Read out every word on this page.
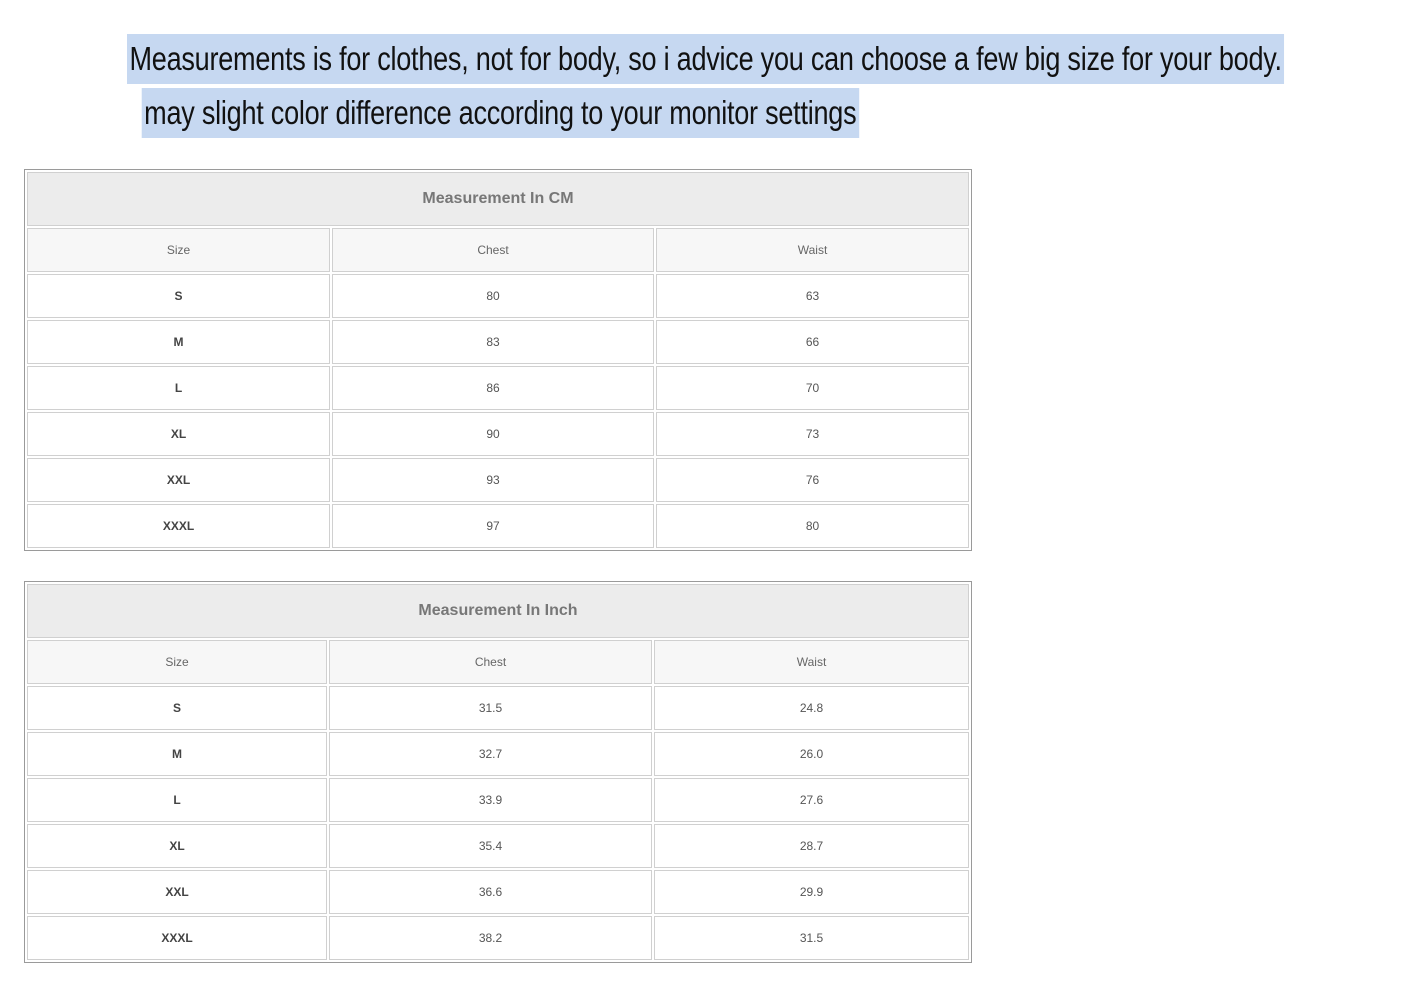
Measurements is for clothes, not for body, so i advice you can choose a few big size for your body.
may slight color difference according to your monitor settings
Measurement In CM
Size	Chest	Waist
S	80	63
M	83	66
L	86	70
XL	90	73
XXL	93	76
XXXL	97	80
Measurement In Inch
Size	Chest	Waist
S	31.5	24.8
M	32.7	26.0
L	33.9	27.6
XL	35.4	28.7
XXL	36.6	29.9
XXXL	38.2	31.5
